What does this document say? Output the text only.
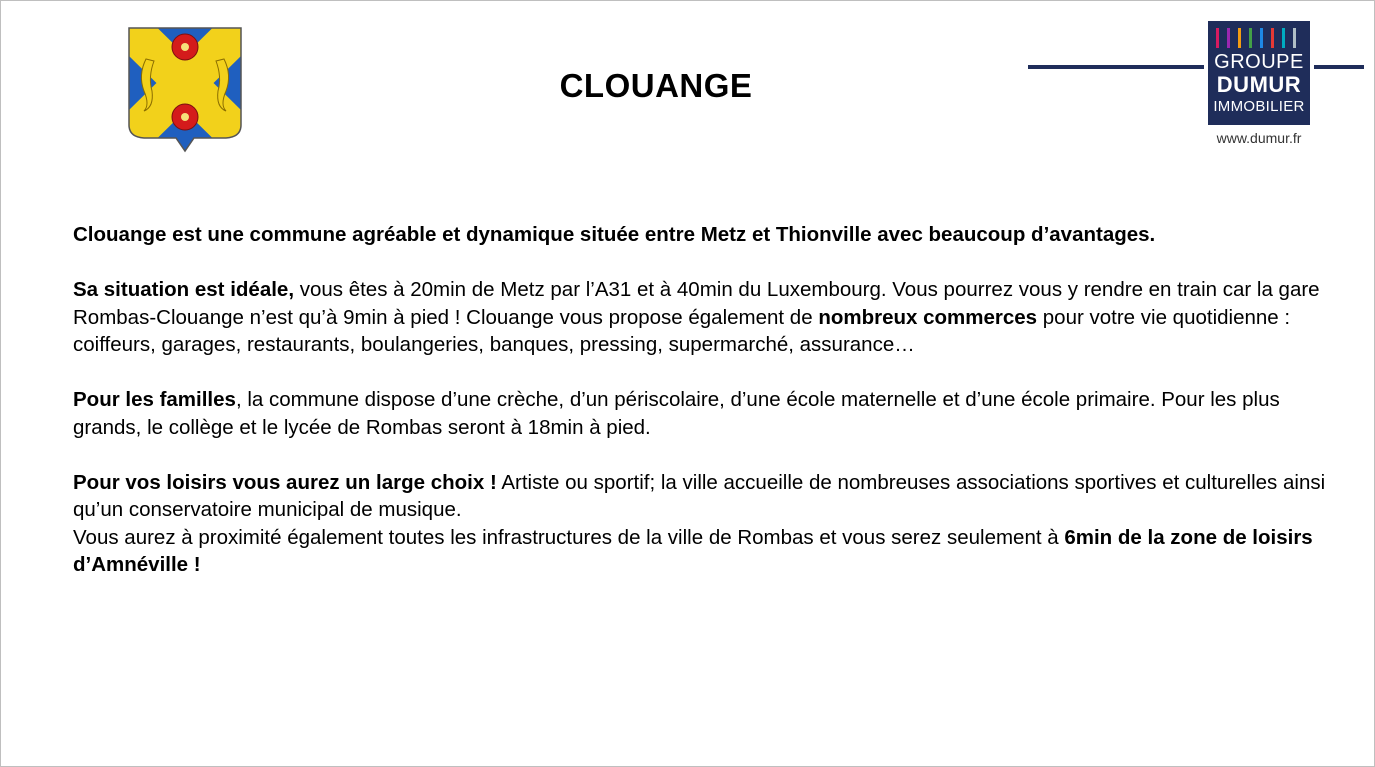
CLOUANGE
GROUPE
DUMUR
IMMOBILIER
www.dumur.fr

Clouange est une commune agréable et dynamique située entre Metz et Thionville avec beaucoup d’avantages.

Sa situation est idéale, vous êtes à 20min de Metz par l’A31 et à 40min du Luxembourg. Vous pourrez vous y rendre en train car la gare Rombas-Clouange n’est qu’à 9min à pied ! Clouange vous propose également de nombreux commerces pour votre vie quotidienne : coiffeurs, garages, restaurants, boulangeries, banques, pressing, supermarché, assurance…

Pour les familles, la commune dispose d’une crèche, d’un périscolaire, d’une école maternelle et d’une école primaire. Pour les plus grands, le collège et le lycée de Rombas seront à 18min à pied.

Pour vos loisirs vous aurez un large choix ! Artiste ou sportif; la ville accueille de nombreuses associations sportives et culturelles ainsi qu’un conservatoire municipal de musique.

Vous aurez à proximité également toutes les infrastructures de la ville de Rombas et vous serez seulement à 6min de la zone de loisirs d’Amnéville !
